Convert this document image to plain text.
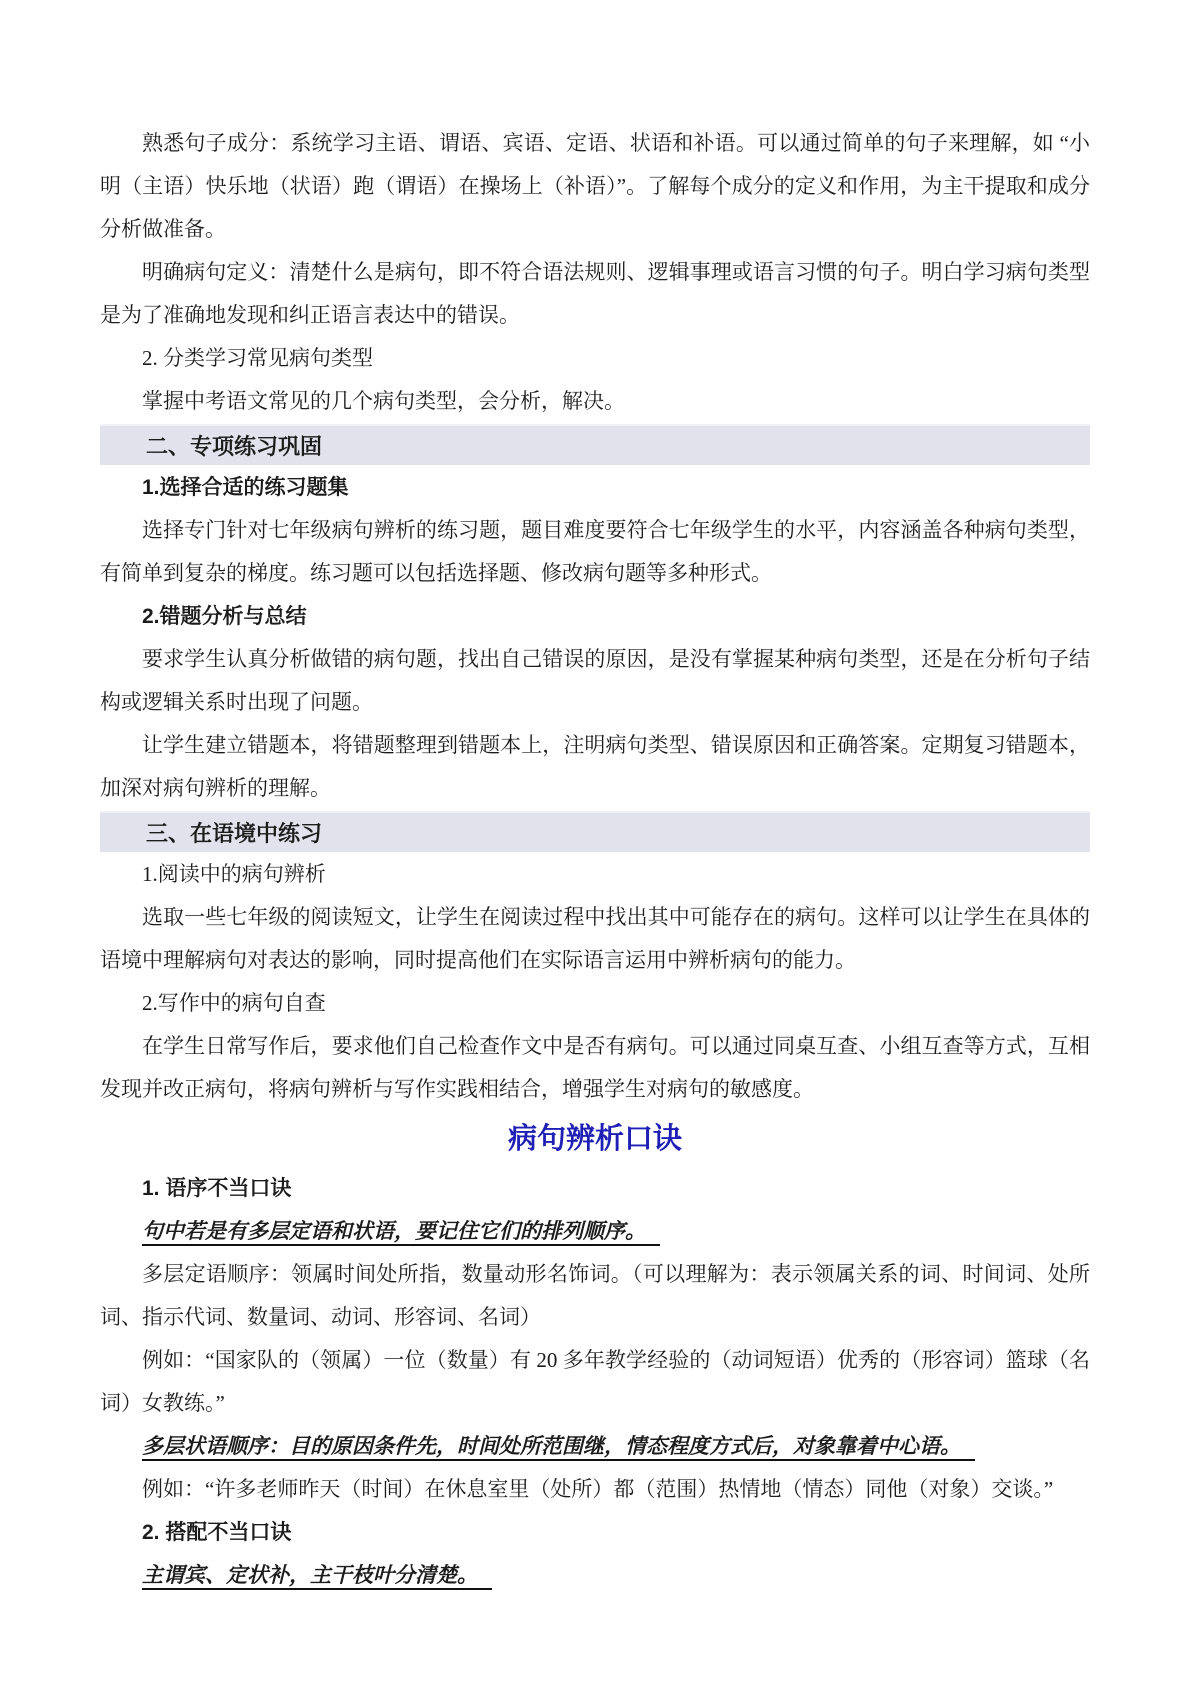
熟悉句子成分：系统学习主语、谓语、宾语、定语、状语和补语。可以通过简单的句子来理解，如 “小明（主语）快乐地（状语）跑（谓语）在操场上（补语）”。了解每个成分的定义和作用，为主干提取和成分分析做准备。
明确病句定义：清楚什么是病句，即不符合语法规则、逻辑事理或语言习惯的句子。明白学习病句类型是为了准确地发现和纠正语言表达中的错误。
2. 分类学习常见病句类型
掌握中考语文常见的几个病句类型，会分析，解决。
二、专项练习巩固
1.选择合适的练习题集
选择专门针对七年级病句辨析的练习题，题目难度要符合七年级学生的水平，内容涵盖各种病句类型，有简单到复杂的梯度。练习题可以包括选择题、修改病句题等多种形式。
2.错题分析与总结
要求学生认真分析做错的病句题，找出自己错误的原因，是没有掌握某种病句类型，还是在分析句子结构或逻辑关系时出现了问题。
让学生建立错题本，将错题整理到错题本上，注明病句类型、错误原因和正确答案。定期复习错题本，加深对病句辨析的理解。
三、在语境中练习
1.阅读中的病句辨析
选取一些七年级的阅读短文，让学生在阅读过程中找出其中可能存在的病句。这样可以让学生在具体的语境中理解病句对表达的影响，同时提高他们在实际语言运用中辨析病句的能力。
2.写作中的病句自查
在学生日常写作后，要求他们自己检查作文中是否有病句。可以通过同桌互查、小组互查等方式，互相发现并改正病句，将病句辨析与写作实践相结合，增强学生对病句的敏感度。
病句辨析口诀
1. 语序不当口诀
句中若是有多层定语和状语，要记住它们的排列顺序。
多层定语顺序：领属时间处所指，数量动形名饰词。（可以理解为：表示领属关系的词、时间词、处所词、指示代词、数量词、动词、形容词、名词）
例如：“国家队的（领属）一位（数量）有 20 多年教学经验的（动词短语）优秀的（形容词）篮球（名词）女教练。”
多层状语顺序：目的原因条件先，时间处所范围继，情态程度方式后，对象靠着中心语。
例如：“许多老师昨天（时间）在休息室里（处所）都（范围）热情地（情态）同他（对象）交谈。”
2. 搭配不当口诀
主谓宾、定状补，主干枝叶分清楚。
